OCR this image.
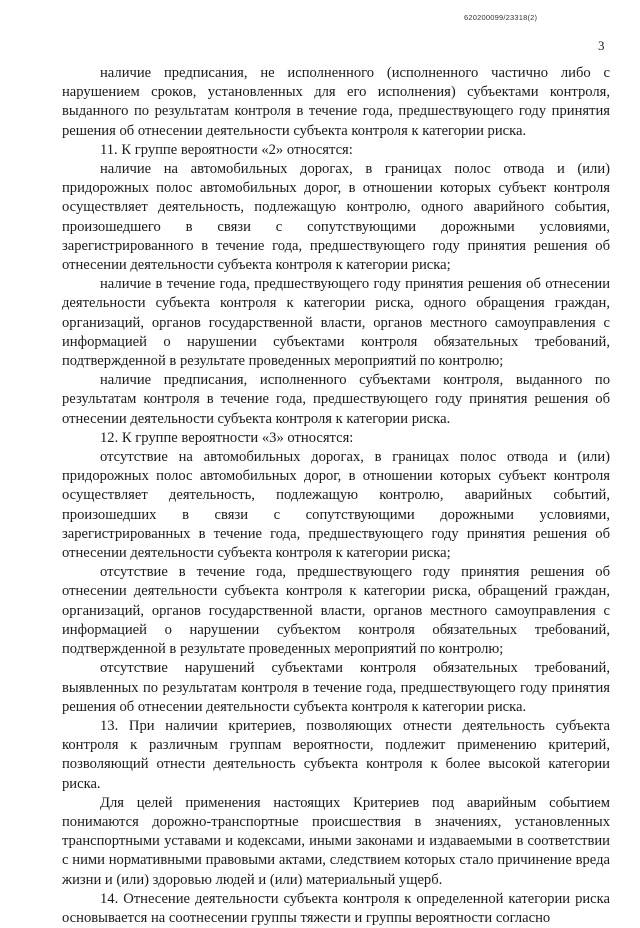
620200099/23318(2)
3

наличие предписания, не исполненного (исполненного частично либо с нарушением сроков, установленных для его исполнения) субъектами контроля, выданного по результатам контроля в течение года, предшествующего году принятия решения об отнесении деятельности субъекта контроля к категории риска.

11. К группе вероятности «2» относятся:

наличие на автомобильных дорогах, в границах полос отвода и (или) придорожных полос автомобильных дорог, в отношении которых субъект контроля осуществляет деятельность, подлежащую контролю, одного аварийного события, произошедшего в связи с сопутствующими дорожными условиями, зарегистрированного в течение года, предшествующего году принятия решения об отнесении деятельности субъекта контроля к категории риска;

наличие в течение года, предшествующего году принятия решения об отнесении деятельности субъекта контроля к категории риска, одного обращения граждан, организаций, органов государственной власти, органов местного самоуправления с информацией о нарушении субъектами контроля обязательных требований, подтвержденной в результате проведенных мероприятий по контролю;

наличие предписания, исполненного субъектами контроля, выданного по результатам контроля в течение года, предшествующего году принятия решения об отнесении деятельности субъекта контроля к категории риска.

12. К группе вероятности «3» относятся:

отсутствие на автомобильных дорогах, в границах полос отвода и (или) придорожных полос автомобильных дорог, в отношении которых субъект контроля осуществляет деятельность, подлежащую контролю, аварийных событий, произошедших в связи с сопутствующими дорожными условиями, зарегистрированных в течение года, предшествующего году принятия решения об отнесении деятельности субъекта контроля к категории риска;

отсутствие в течение года, предшествующего году принятия решения об отнесении деятельности субъекта контроля к категории риска, обращений граждан, организаций, органов государственной власти, органов местного самоуправления с информацией о нарушении субъектом контроля обязательных требований, подтвержденной в результате проведенных мероприятий по контролю;

отсутствие нарушений субъектами контроля обязательных требований, выявленных по результатам контроля в течение года, предшествующего году принятия решения об отнесении деятельности субъекта контроля к категории риска.

13. При наличии критериев, позволяющих отнести деятельность субъекта контроля к различным группам вероятности, подлежит применению критерий, позволяющий отнести деятельность субъекта контроля к более высокой категории риска.

Для целей применения настоящих Критериев под аварийным событием понимаются дорожно-транспортные происшествия в значениях, установленных транспортными уставами и кодексами, иными законами и издаваемыми в соответствии с ними нормативными правовыми актами, следствием которых стало причинение вреда жизни и (или) здоровью людей и (или) материальный ущерб.

14. Отнесение деятельности субъекта контроля к определенной категории риска основывается на соотнесении группы тяжести и группы вероятности согласно
